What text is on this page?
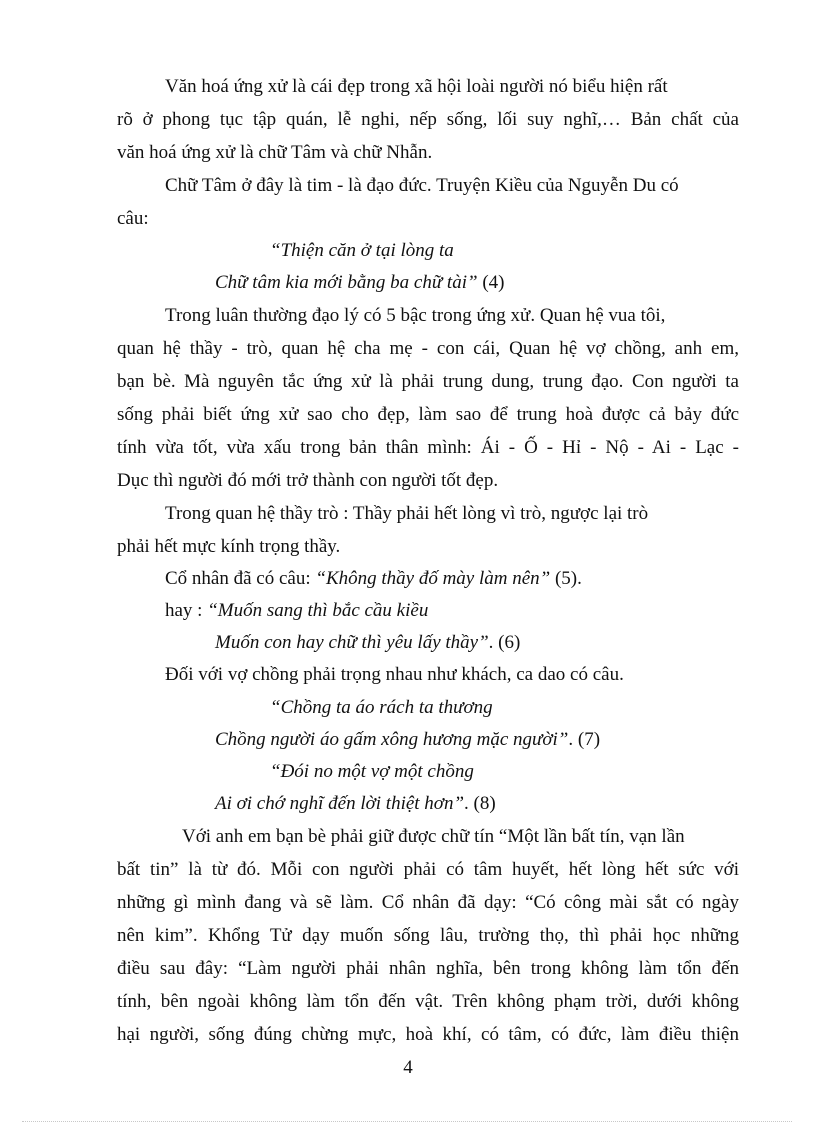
Văn hoá ứng xử là cái đẹp trong xã hội loài người nó biểu hiện rất
rõ ở phong tục tập quán, lễ nghi, nếp sống, lối suy nghĩ,… Bản chất của
văn hoá ứng xử là chữ Tâm và chữ Nhẫn.
Chữ Tâm ở đây là tim - là đạo đức. Truyện Kiều của Nguyễn Du có
câu:
“Thiện căn ở tại lòng ta
Chữ tâm kia mới bằng ba chữ tài” (4)
Trong luân thường đạo lý có 5 bậc trong ứng xử. Quan hệ vua tôi,
quan hệ thầy - trò, quan hệ cha mẹ - con cái, Quan hệ vợ chồng, anh em,
bạn bè. Mà nguyên tắc ứng xử là phải trung dung, trung đạo. Con người ta
sống phải biết ứng xử sao cho đẹp, làm sao để trung hoà được cả bảy đức
tính vừa tốt, vừa xấu trong bản thân mình: Ái - Ố - Hỉ - Nộ - Ai - Lạc -
Dục thì người đó mới trở thành con người tốt đẹp.
Trong quan hệ thầy trò : Thầy phải hết lòng vì trò, ngược lại trò
phải hết mực kính trọng thầy.
Cổ nhân đã có câu: “Không thầy đố mày làm nên” (5).
hay : “Muốn sang thì bắc cầu kiều
Muốn con hay chữ thì yêu lấy thầy”. (6)
Đối với vợ chồng phải trọng nhau như khách, ca dao có câu.
“Chồng ta áo rách ta thương
Chồng người áo gấm xông hương mặc người”. (7)
“Đói no một vợ một chồng
Ai ơi chớ nghĩ đến lời thiệt hơn”. (8)
Với anh em bạn bè phải giữ được chữ tín “Một lần bất tín, vạn lần
bất tin” là từ đó. Mỗi con người phải có tâm huyết, hết lòng hết sức với
những gì mình đang và sẽ làm. Cổ nhân đã dạy: “Có công mài sắt có ngày
nên kim”. Khổng Tử dạy muốn sống lâu, trường thọ, thì phải học những
điều sau đây: “Làm người phải nhân nghĩa, bên trong không làm tổn đến
tính, bên ngoài không làm tổn đến vật. Trên không phạm trời, dưới không
hại người, sống đúng chừng mực, hoà khí, có tâm, có đức, làm điều thiện
4
